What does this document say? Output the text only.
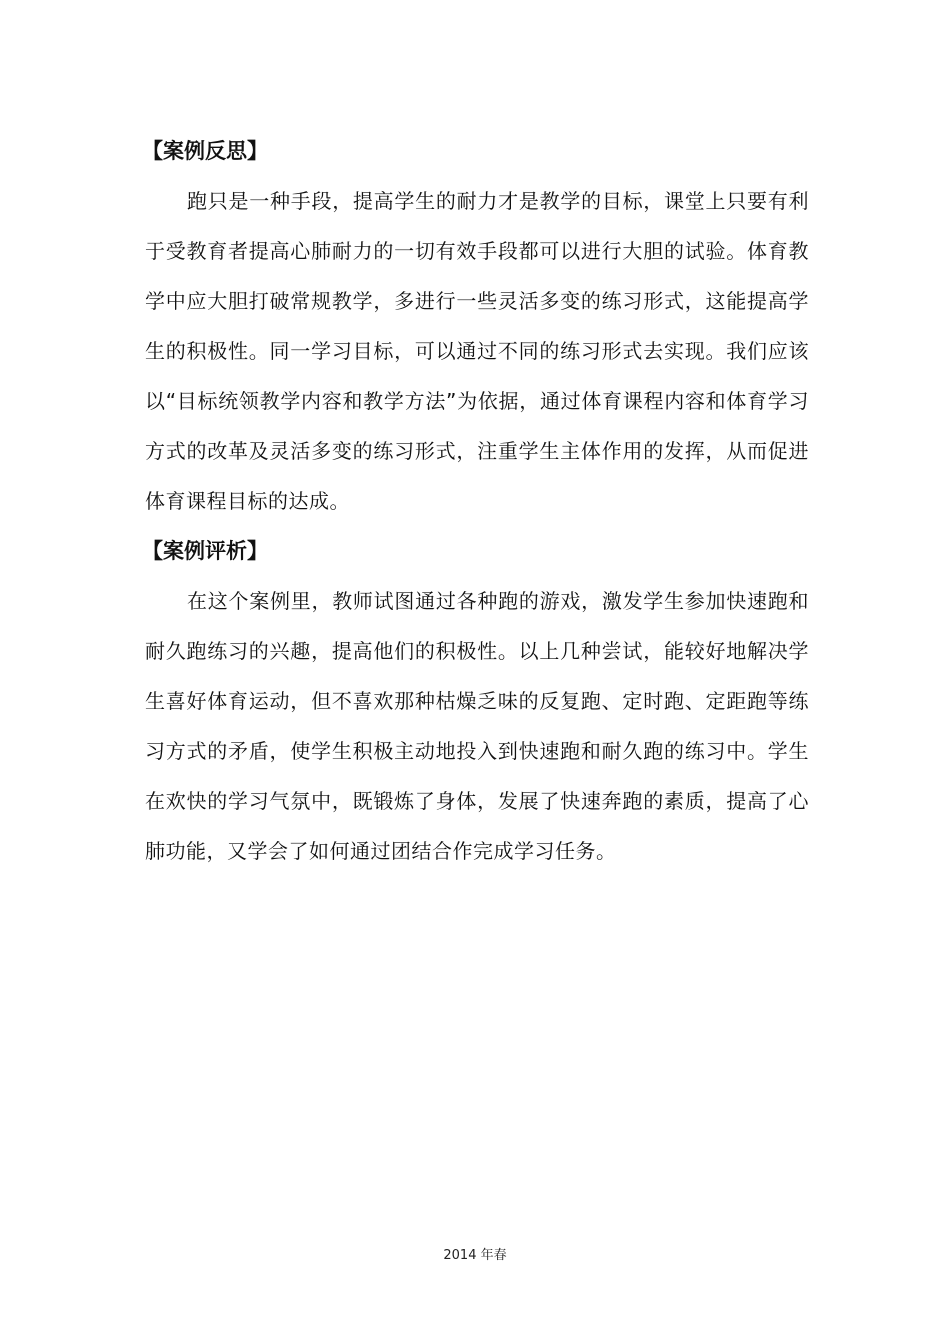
【案例反思】

跑只是一种手段，提高学生的耐力才是教学的目标，课堂上只要有利于受教育者提高心肺耐力的一切有效手段都可以进行大胆的试验。体育教学中应大胆打破常规教学，多进行一些灵活多变的练习形式，这能提高学生的积极性。同一学习目标，可以通过不同的练习形式去实现。我们应该以“目标统领教学内容和教学方法”为依据，通过体育课程内容和体育学习方式的改革及灵活多变的练习形式，注重学生主体作用的发挥，从而促进体育课程目标的达成。

【案例评析】

在这个案例里，教师试图通过各种跑的游戏，激发学生参加快速跑和耐久跑练习的兴趣，提高他们的积极性。以上几种尝试，能较好地解决学生喜好体育运动，但不喜欢那种枯燥乏味的反复跑、定时跑、定距跑等练习方式的矛盾，使学生积极主动地投入到快速跑和耐久跑的练习中。学生在欢快的学习气氛中，既锻炼了身体，发展了快速奔跑的素质，提高了心肺功能，又学会了如何通过团结合作完成学习任务。

2014 年春
